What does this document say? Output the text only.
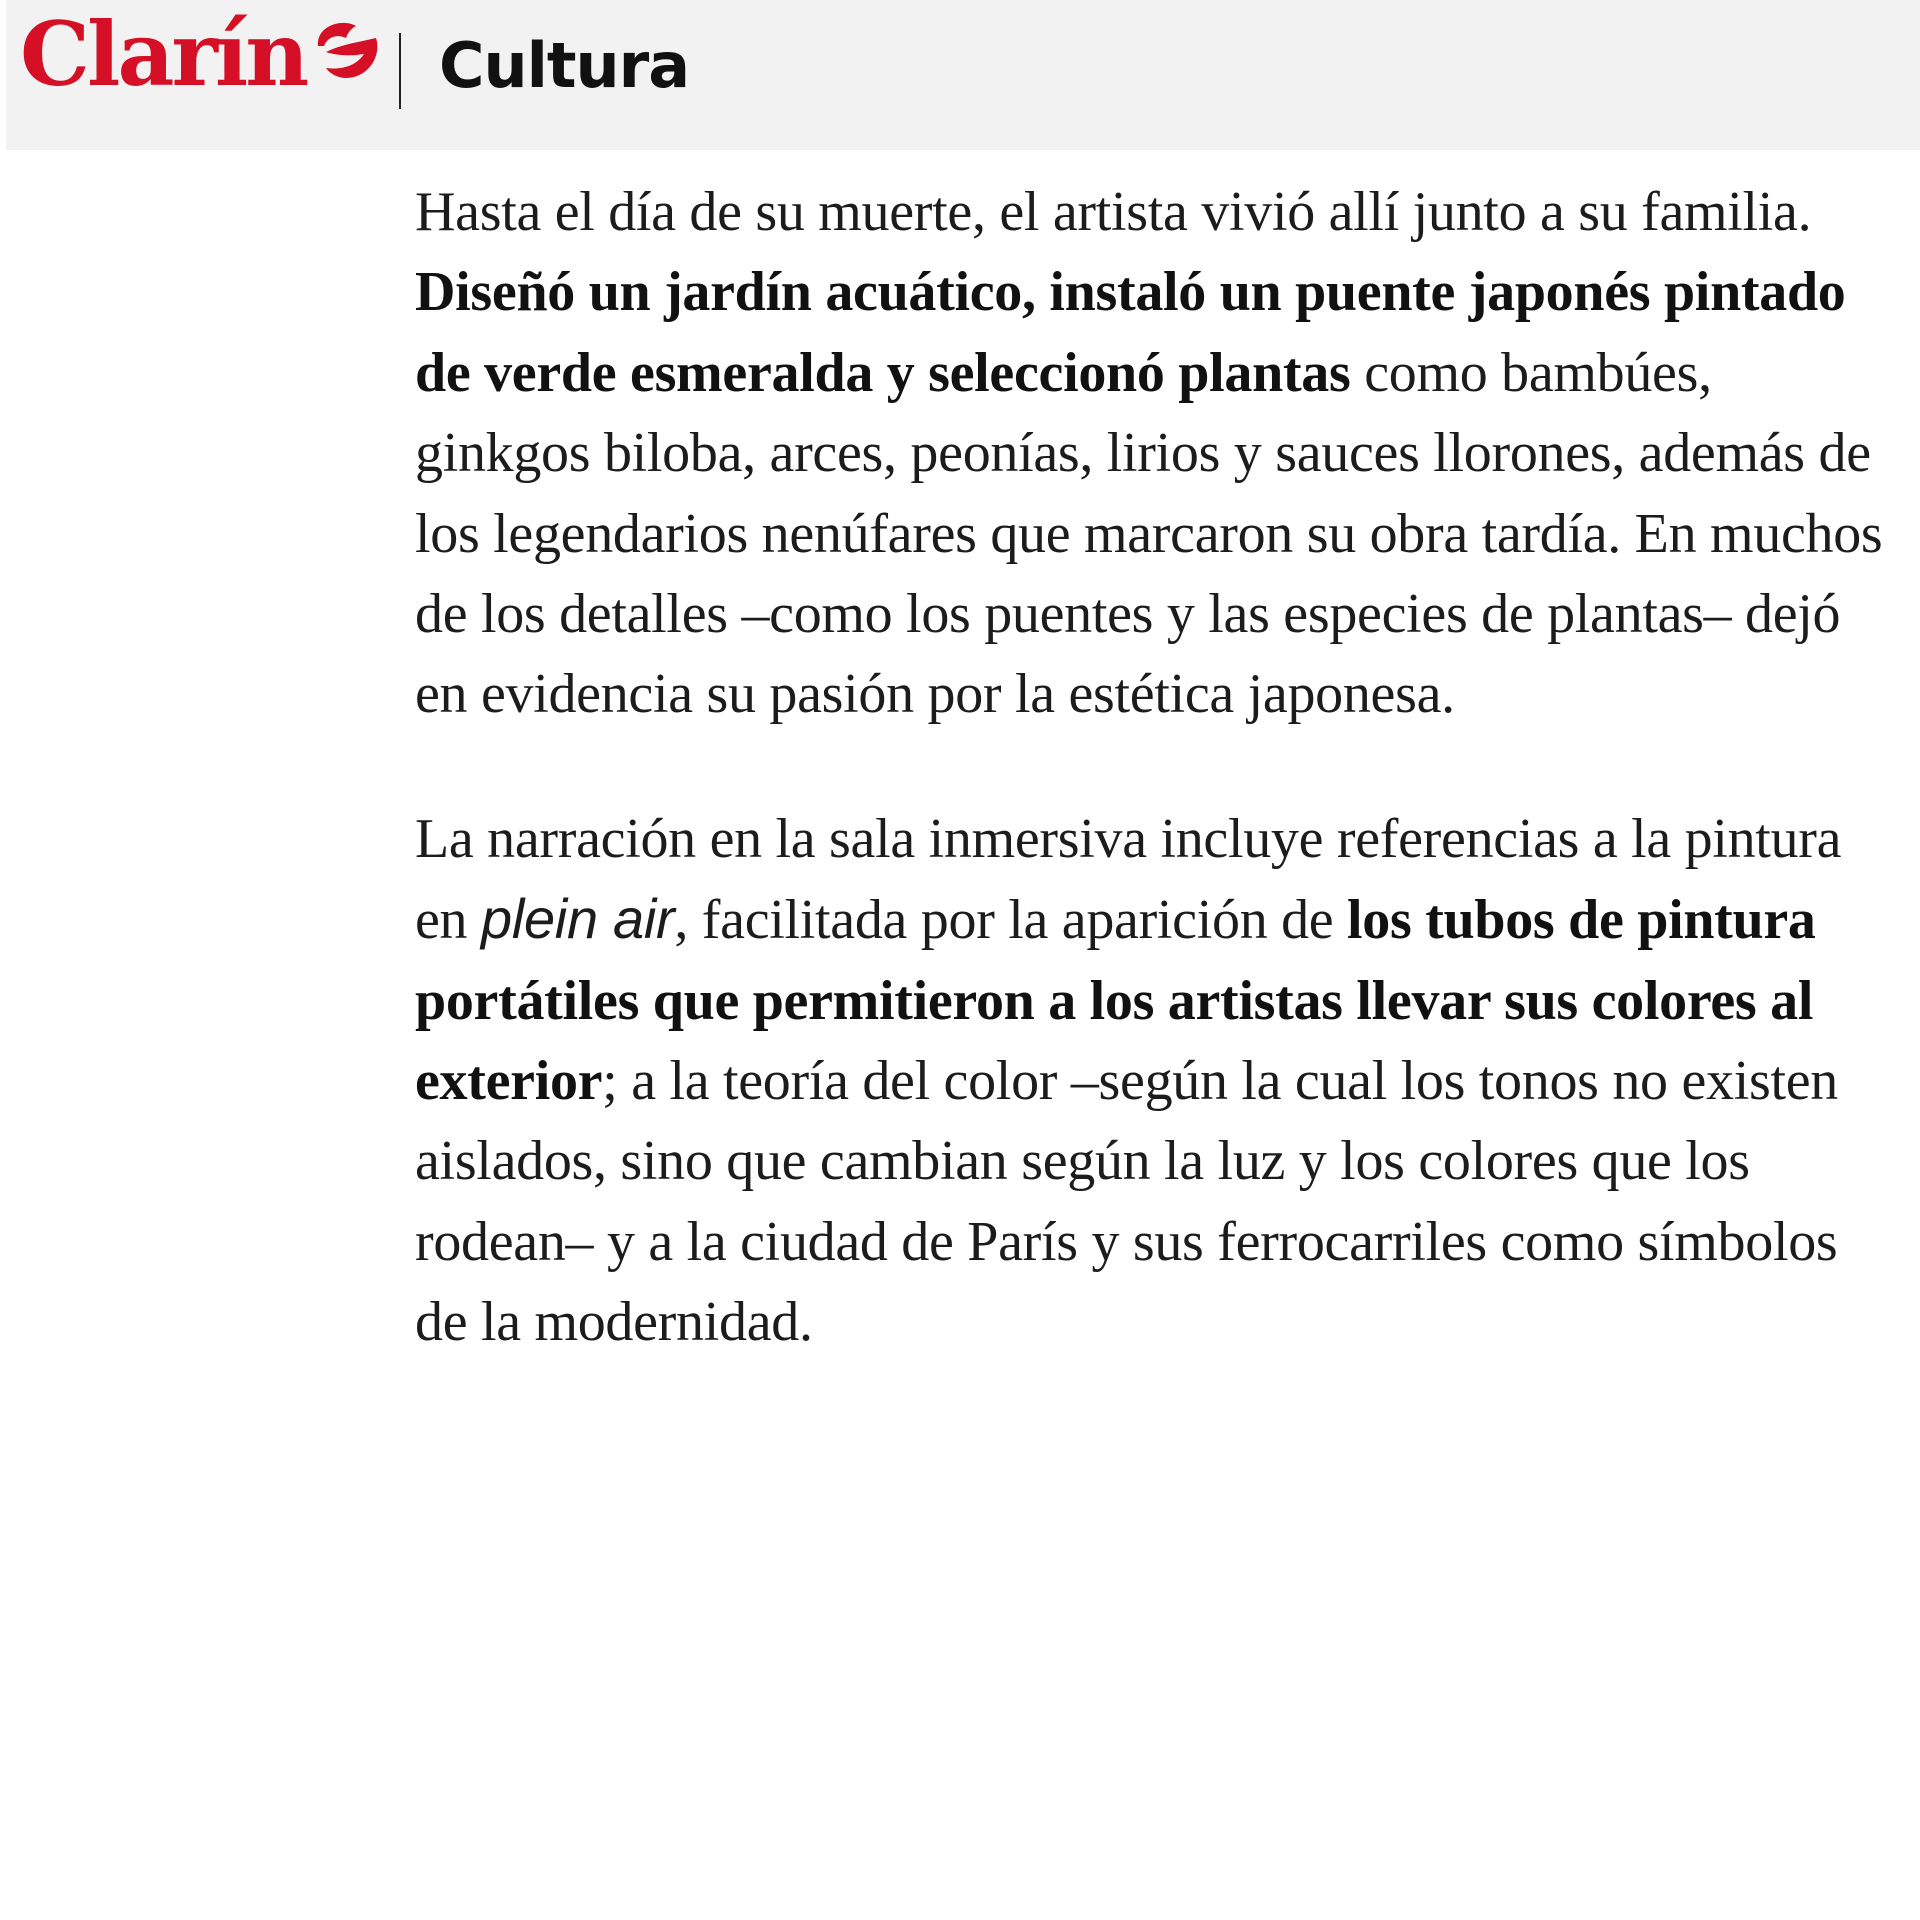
Clarín Cultura

Hasta el día de su muerte, el artista vivió allí junto a su familia. Diseñó un jardín acuático, instaló un puente japonés pintado de verde esmeralda y seleccionó plantas como bambúes, ginkgos biloba, arces, peonías, lirios y sauces llorones, además de los legendarios nenúfares que marcaron su obra tardía. En muchos de los detalles –como los puentes y las especies de plantas– dejó en evidencia su pasión por la estética japonesa.

La narración en la sala inmersiva incluye referencias a la pintura en plein air, facilitada por la aparición de los tubos de pintura portátiles que permitieron a los artistas llevar sus colores al exterior; a la teoría del color –según la cual los tonos no existen aislados, sino que cambian según la luz y los colores que los rodean– y a la ciudad de París y sus ferrocarriles como símbolos de la modernidad.
